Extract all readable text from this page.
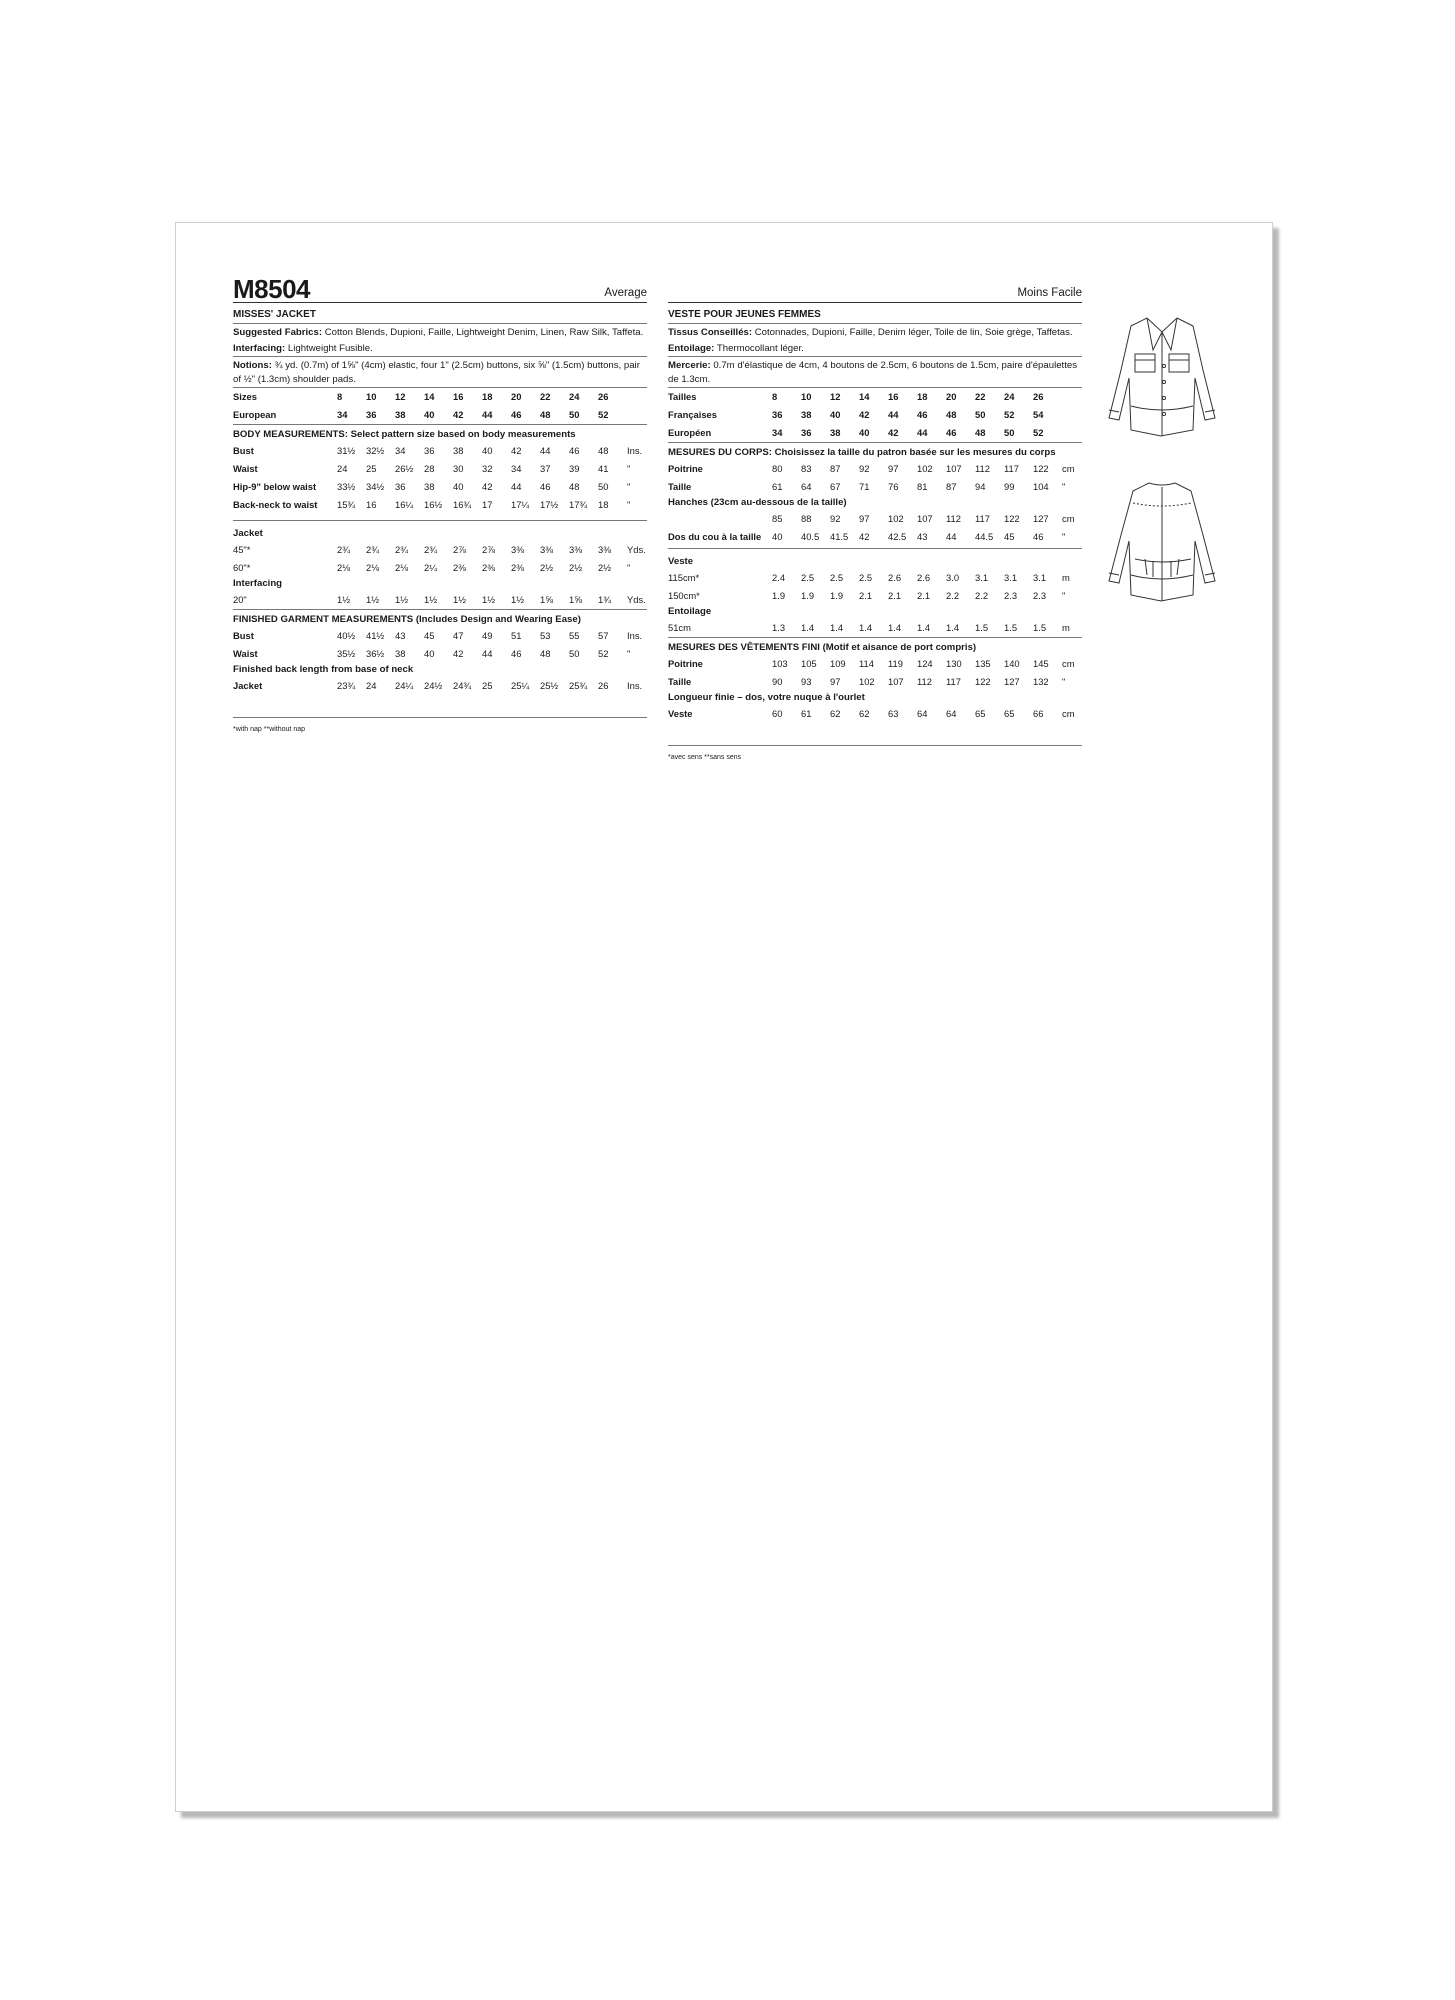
M8504	Average
MISSES' JACKET
Suggested Fabrics: Cotton Blends, Dupioni, Faille, Lightweight Denim, Linen, Raw Silk, Taffeta.
Interfacing: Lightweight Fusible.
Notions: ¾ yd. (0.7m) of 1⅝" (4cm) elastic, four 1" (2.5cm) buttons, six ⅝" (1.5cm) buttons, pair of ½" (1.3cm) shoulder pads.
Sizes	8	10	12	14	16	18	20	22	24	26
European	34	36	38	40	42	44	46	48	50	52
BODY MEASUREMENTS: Select pattern size based on body measurements
Bust	31½	32½	34	36	38	40	42	44	46	48	Ins.
Waist	24	25	26½	28	30	32	34	37	39	41	"
Hip-9" below waist	33½	34½	36	38	40	42	44	46	48	50	"
Back-neck to waist	15¾	16	16¼	16½	16¾	17	17¼	17½	17¾	18	"
Jacket
45"*	2¾	2¾	2¾	2¾	2⅞	2⅞	3⅜	3⅜	3⅜	3⅜	Yds.
60"*	2⅛	2⅛	2⅛	2¼	2⅜	2⅜	2⅜	2½	2½	2½	"
Interfacing
20"	1½	1½	1½	1½	1½	1½	1½	1⅝	1⅝	1¾	Yds.
FINISHED GARMENT MEASUREMENTS (Includes Design and Wearing Ease)
Bust	40½	41½	43	45	47	49	51	53	55	57	Ins.
Waist	35½	36½	38	40	42	44	46	48	50	52	"
Finished back length from base of neck
Jacket	23¾	24	24¼	24½	24¾	25	25¼	25½	25¾	26	Ins.
*with nap **without nap
Moins Facile
VESTE POUR JEUNES FEMMES
Tissus Conseillés: Cotonnades, Dupioni, Faille, Denim léger, Toile de lin, Soie grège, Taffetas.
Entoilage: Thermocollant léger.
Mercerie: 0.7m d'élastique de 4cm, 4 boutons de 2.5cm, 6 boutons de 1.5cm, paire d'épaulettes de 1.3cm.
Tailles	8	10	12	14	16	18	20	22	24	26
Françaises	36	38	40	42	44	46	48	50	52	54
Européen	34	36	38	40	42	44	46	48	50	52
MESURES DU CORPS: Choisissez la taille du patron basée sur les mesures du corps
Poitrine	80	83	87	92	97	102	107	112	117	122	cm
Taille	61	64	67	71	76	81	87	94	99	104	"
Hanches (23cm au-dessous de la taille)
85	88	92	97	102	107	112	117	122	127	cm
Dos du cou à la taille	40	40.5	41.5	42	42.5	43	44	44.5	45	46	"
Veste
115cm*	2.4	2.5	2.5	2.5	2.6	2.6	3.0	3.1	3.1	3.1	m
150cm*	1.9	1.9	1.9	2.1	2.1	2.1	2.2	2.2	2.3	2.3	"
Entoilage
51cm	1.3	1.4	1.4	1.4	1.4	1.4	1.4	1.5	1.5	1.5	m
MESURES DES VÊTEMENTS FINI (Motif et aisance de port compris)
Poitrine	103	105	109	114	119	124	130	135	140	145	cm
Taille	90	93	97	102	107	112	117	122	127	132	"
Longueur finie – dos, votre nuque à l'ourlet
Veste	60	61	62	62	63	64	64	65	65	66	cm
*avec sens **sans sens
